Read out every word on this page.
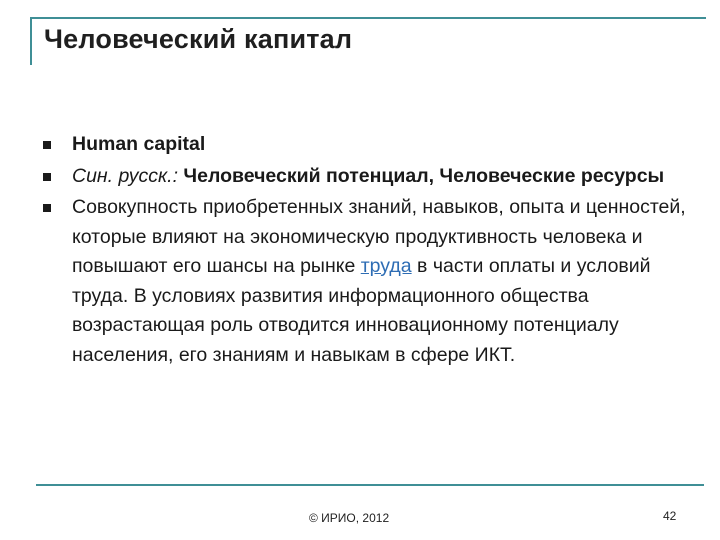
Человеческий капитал
Human capital
Син. русск.: Человеческий потенциал, Человеческие ресурсы
Совокупность приобретенных знаний, навыков, опыта и ценностей, которые влияют на экономическую продуктивность человека и повышают его шансы на рынке труда в части оплаты и условий труда. В условиях развития информационного общества возрастающая роль отводится инновационному потенциалу населения, его знаниям и навыкам в сфере ИКТ.
© ИРИО, 2012	42
